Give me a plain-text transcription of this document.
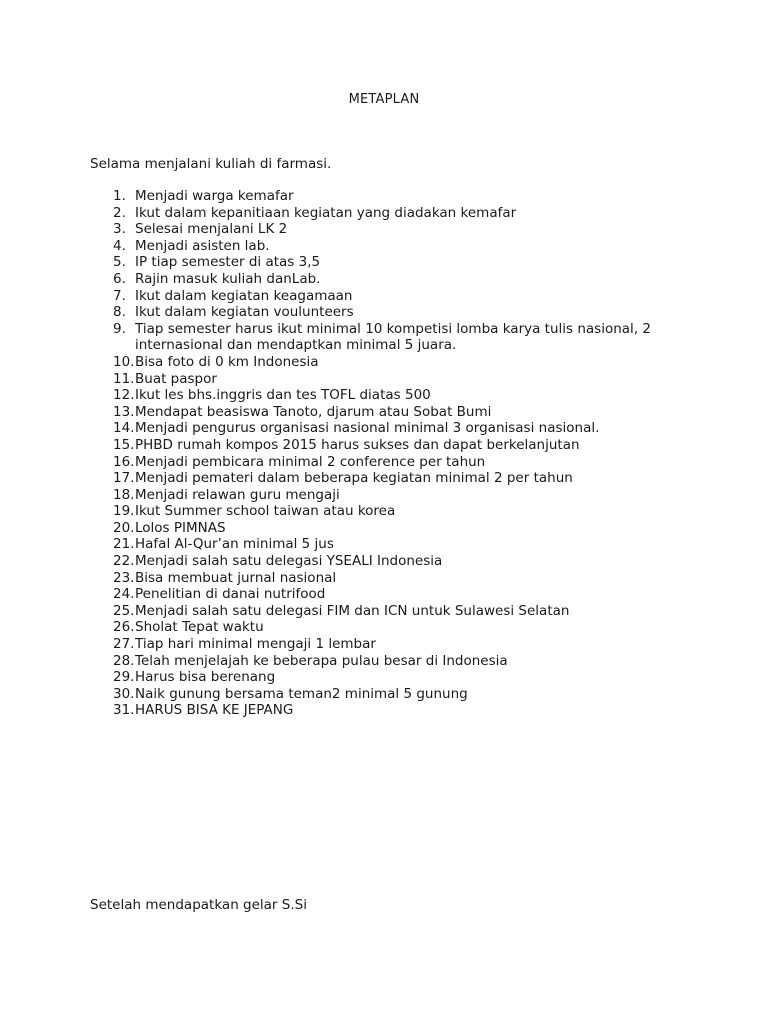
METAPLAN
Selama menjalani kuliah di farmasi.
1. Menjadi warga kemafar
2. Ikut dalam kepanitiaan kegiatan yang diadakan kemafar
3. Selesai menjalani LK 2
4. Menjadi asisten lab.
5. IP tiap semester di atas 3,5
6. Rajin masuk kuliah danLab.
7. Ikut dalam kegiatan keagamaan
8. Ikut dalam kegiatan voulunteers
9. Tiap semester harus ikut minimal 10 kompetisi lomba karya tulis nasional, 2 internasional dan mendaptkan minimal 5 juara.
10. Bisa foto di 0 km Indonesia
11. Buat paspor
12. Ikut les bhs.inggris dan tes TOFL diatas 500
13. Mendapat beasiswa Tanoto, djarum atau Sobat Bumi
14. Menjadi pengurus organisasi nasional minimal 3 organisasi nasional.
15. PHBD rumah kompos 2015 harus sukses dan dapat berkelanjutan
16. Menjadi pembicara minimal 2 conference per tahun
17. Menjadi pemateri dalam beberapa kegiatan minimal 2 per tahun
18. Menjadi relawan guru mengaji
19. Ikut Summer school taiwan atau korea
20. Lolos PIMNAS
21. Hafal Al-Qur’an minimal 5 jus
22. Menjadi salah satu delegasi YSEALI Indonesia
23. Bisa membuat jurnal nasional
24. Penelitian di danai nutrifood
25. Menjadi salah satu delegasi FIM dan ICN untuk Sulawesi Selatan
26. Sholat Tepat waktu
27. Tiap hari minimal mengaji 1 lembar
28. Telah menjelajah ke beberapa pulau besar di Indonesia
29. Harus bisa berenang
30. Naik gunung bersama teman2 minimal 5 gunung
31. HARUS BISA KE JEPANG
Setelah mendapatkan gelar S.Si
